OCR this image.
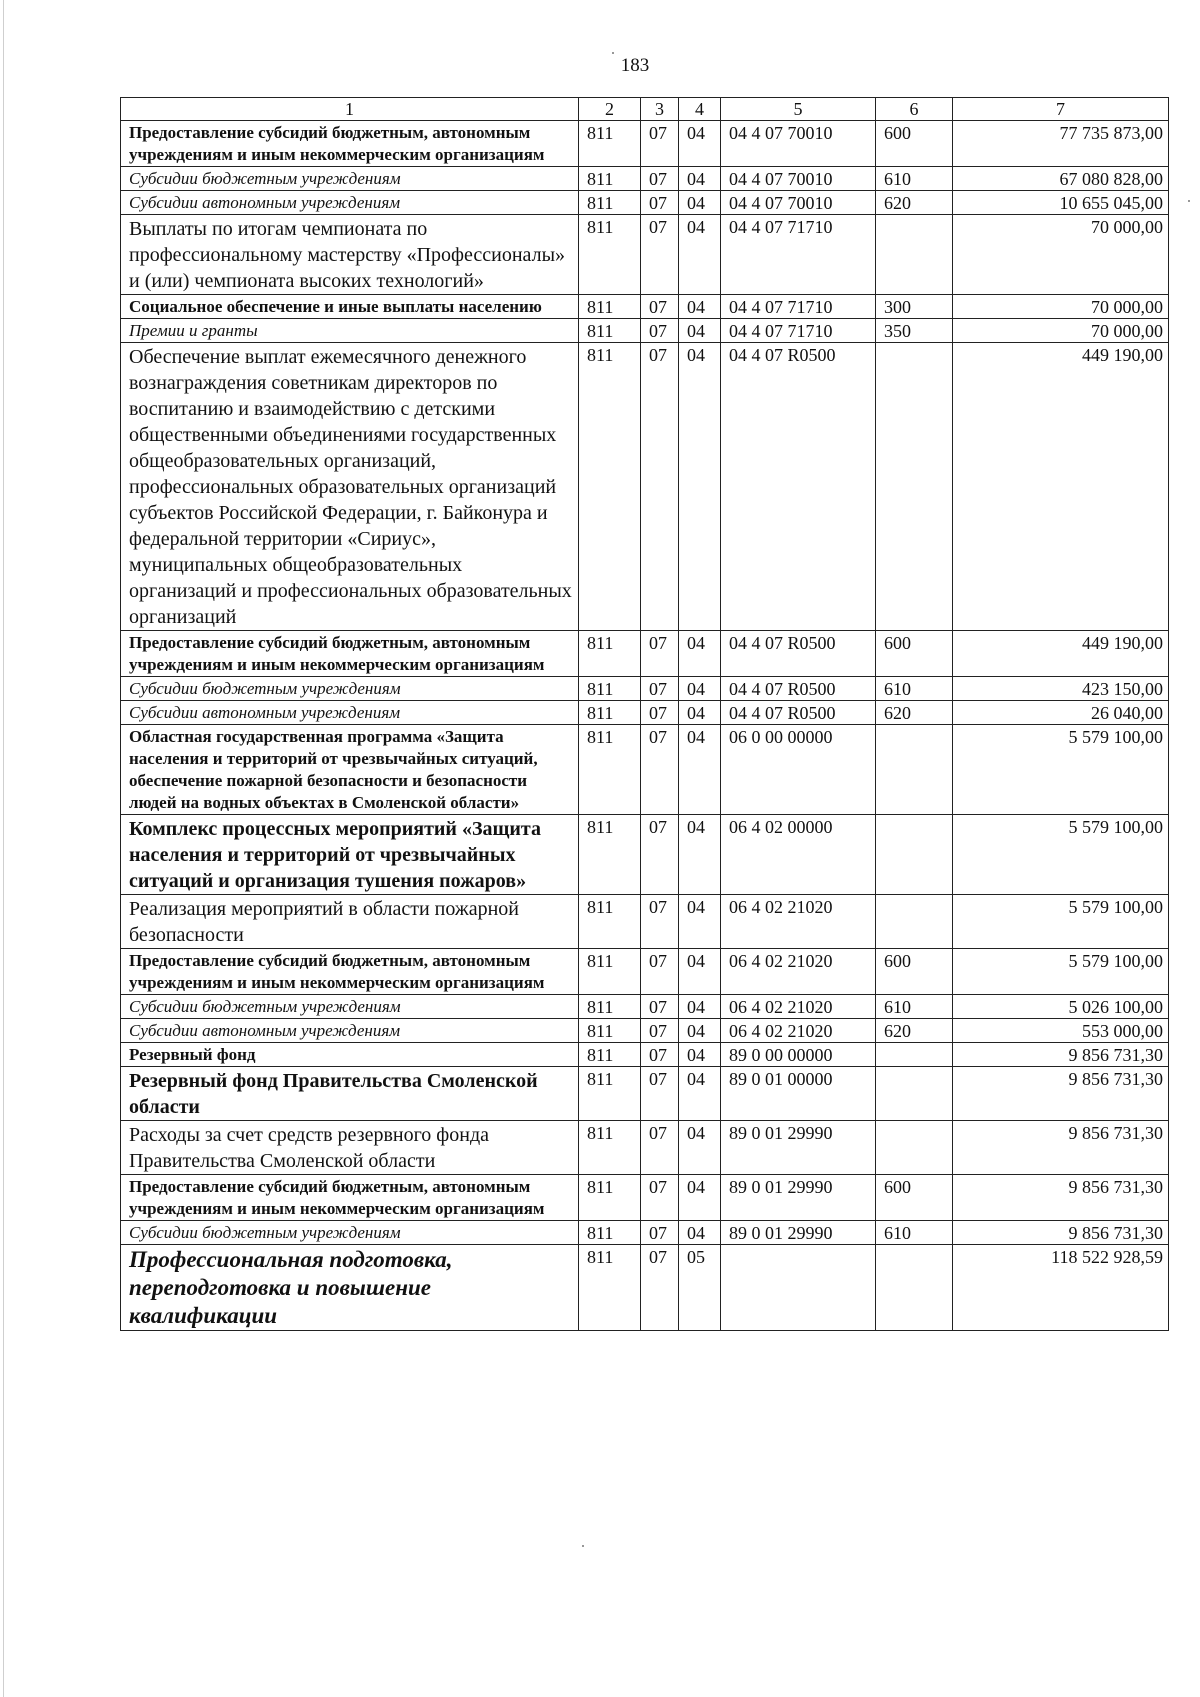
183
1	2	3	4	5	6	7
Предоставление субсидий бюджетным, автономным учреждениям и иным некоммерческим организациям	811	07	04	04 4 07 70010	600	77 735 873,00
Субсидии бюджетным учреждениям	811	07	04	04 4 07 70010	610	67 080 828,00
Субсидии автономным учреждениям	811	07	04	04 4 07 70010	620	10 655 045,00
Выплаты по итогам чемпионата по профессиональному мастерству «Профессионалы» и (или) чемпионата высоких технологий»	811	07	04	04 4 07 71710		70 000,00
Социальное обеспечение и иные выплаты населению	811	07	04	04 4 07 71710	300	70 000,00
Премии и гранты	811	07	04	04 4 07 71710	350	70 000,00
Обеспечение выплат ежемесячного денежного вознаграждения советникам директоров по воспитанию и взаимодействию с детскими общественными объединениями государственных общеобразовательных организаций, профессиональных образовательных организаций субъектов Российской Федерации, г. Байконура и федеральной территории «Сириус», муниципальных общеобразовательных организаций и профессиональных образовательных организаций	811	07	04	04 4 07 R0500		449 190,00
Предоставление субсидий бюджетным, автономным учреждениям и иным некоммерческим организациям	811	07	04	04 4 07 R0500	600	449 190,00
Субсидии бюджетным учреждениям	811	07	04	04 4 07 R0500	610	423 150,00
Субсидии автономным учреждениям	811	07	04	04 4 07 R0500	620	26 040,00
Областная государственная программа «Защита населения и территорий от чрезвычайных ситуаций, обеспечение пожарной безопасности и безопасности людей на водных объектах в Смоленской области»	811	07	04	06 0 00 00000		5 579 100,00
Комплекс процессных мероприятий «Защита населения и территорий от чрезвычайных ситуаций и организация тушения пожаров»	811	07	04	06 4 02 00000		5 579 100,00
Реализация мероприятий в области пожарной безопасности	811	07	04	06 4 02 21020		5 579 100,00
Предоставление субсидий бюджетным, автономным учреждениям и иным некоммерческим организациям	811	07	04	06 4 02 21020	600	5 579 100,00
Субсидии бюджетным учреждениям	811	07	04	06 4 02 21020	610	5 026 100,00
Субсидии автономным учреждениям	811	07	04	06 4 02 21020	620	553 000,00
Резервный фонд	811	07	04	89 0 00 00000		9 856 731,30
Резервный фонд Правительства Смоленской области	811	07	04	89 0 01 00000		9 856 731,30
Расходы за счет средств резервного фонда Правительства Смоленской области	811	07	04	89 0 01 29990		9 856 731,30
Предоставление субсидий бюджетным, автономным учреждениям и иным некоммерческим организациям	811	07	04	89 0 01 29990	600	9 856 731,30
Субсидии бюджетным учреждениям	811	07	04	89 0 01 29990	610	9 856 731,30
Профессиональная подготовка, переподготовка и повышение квалификации	811	07	05			118 522 928,59
